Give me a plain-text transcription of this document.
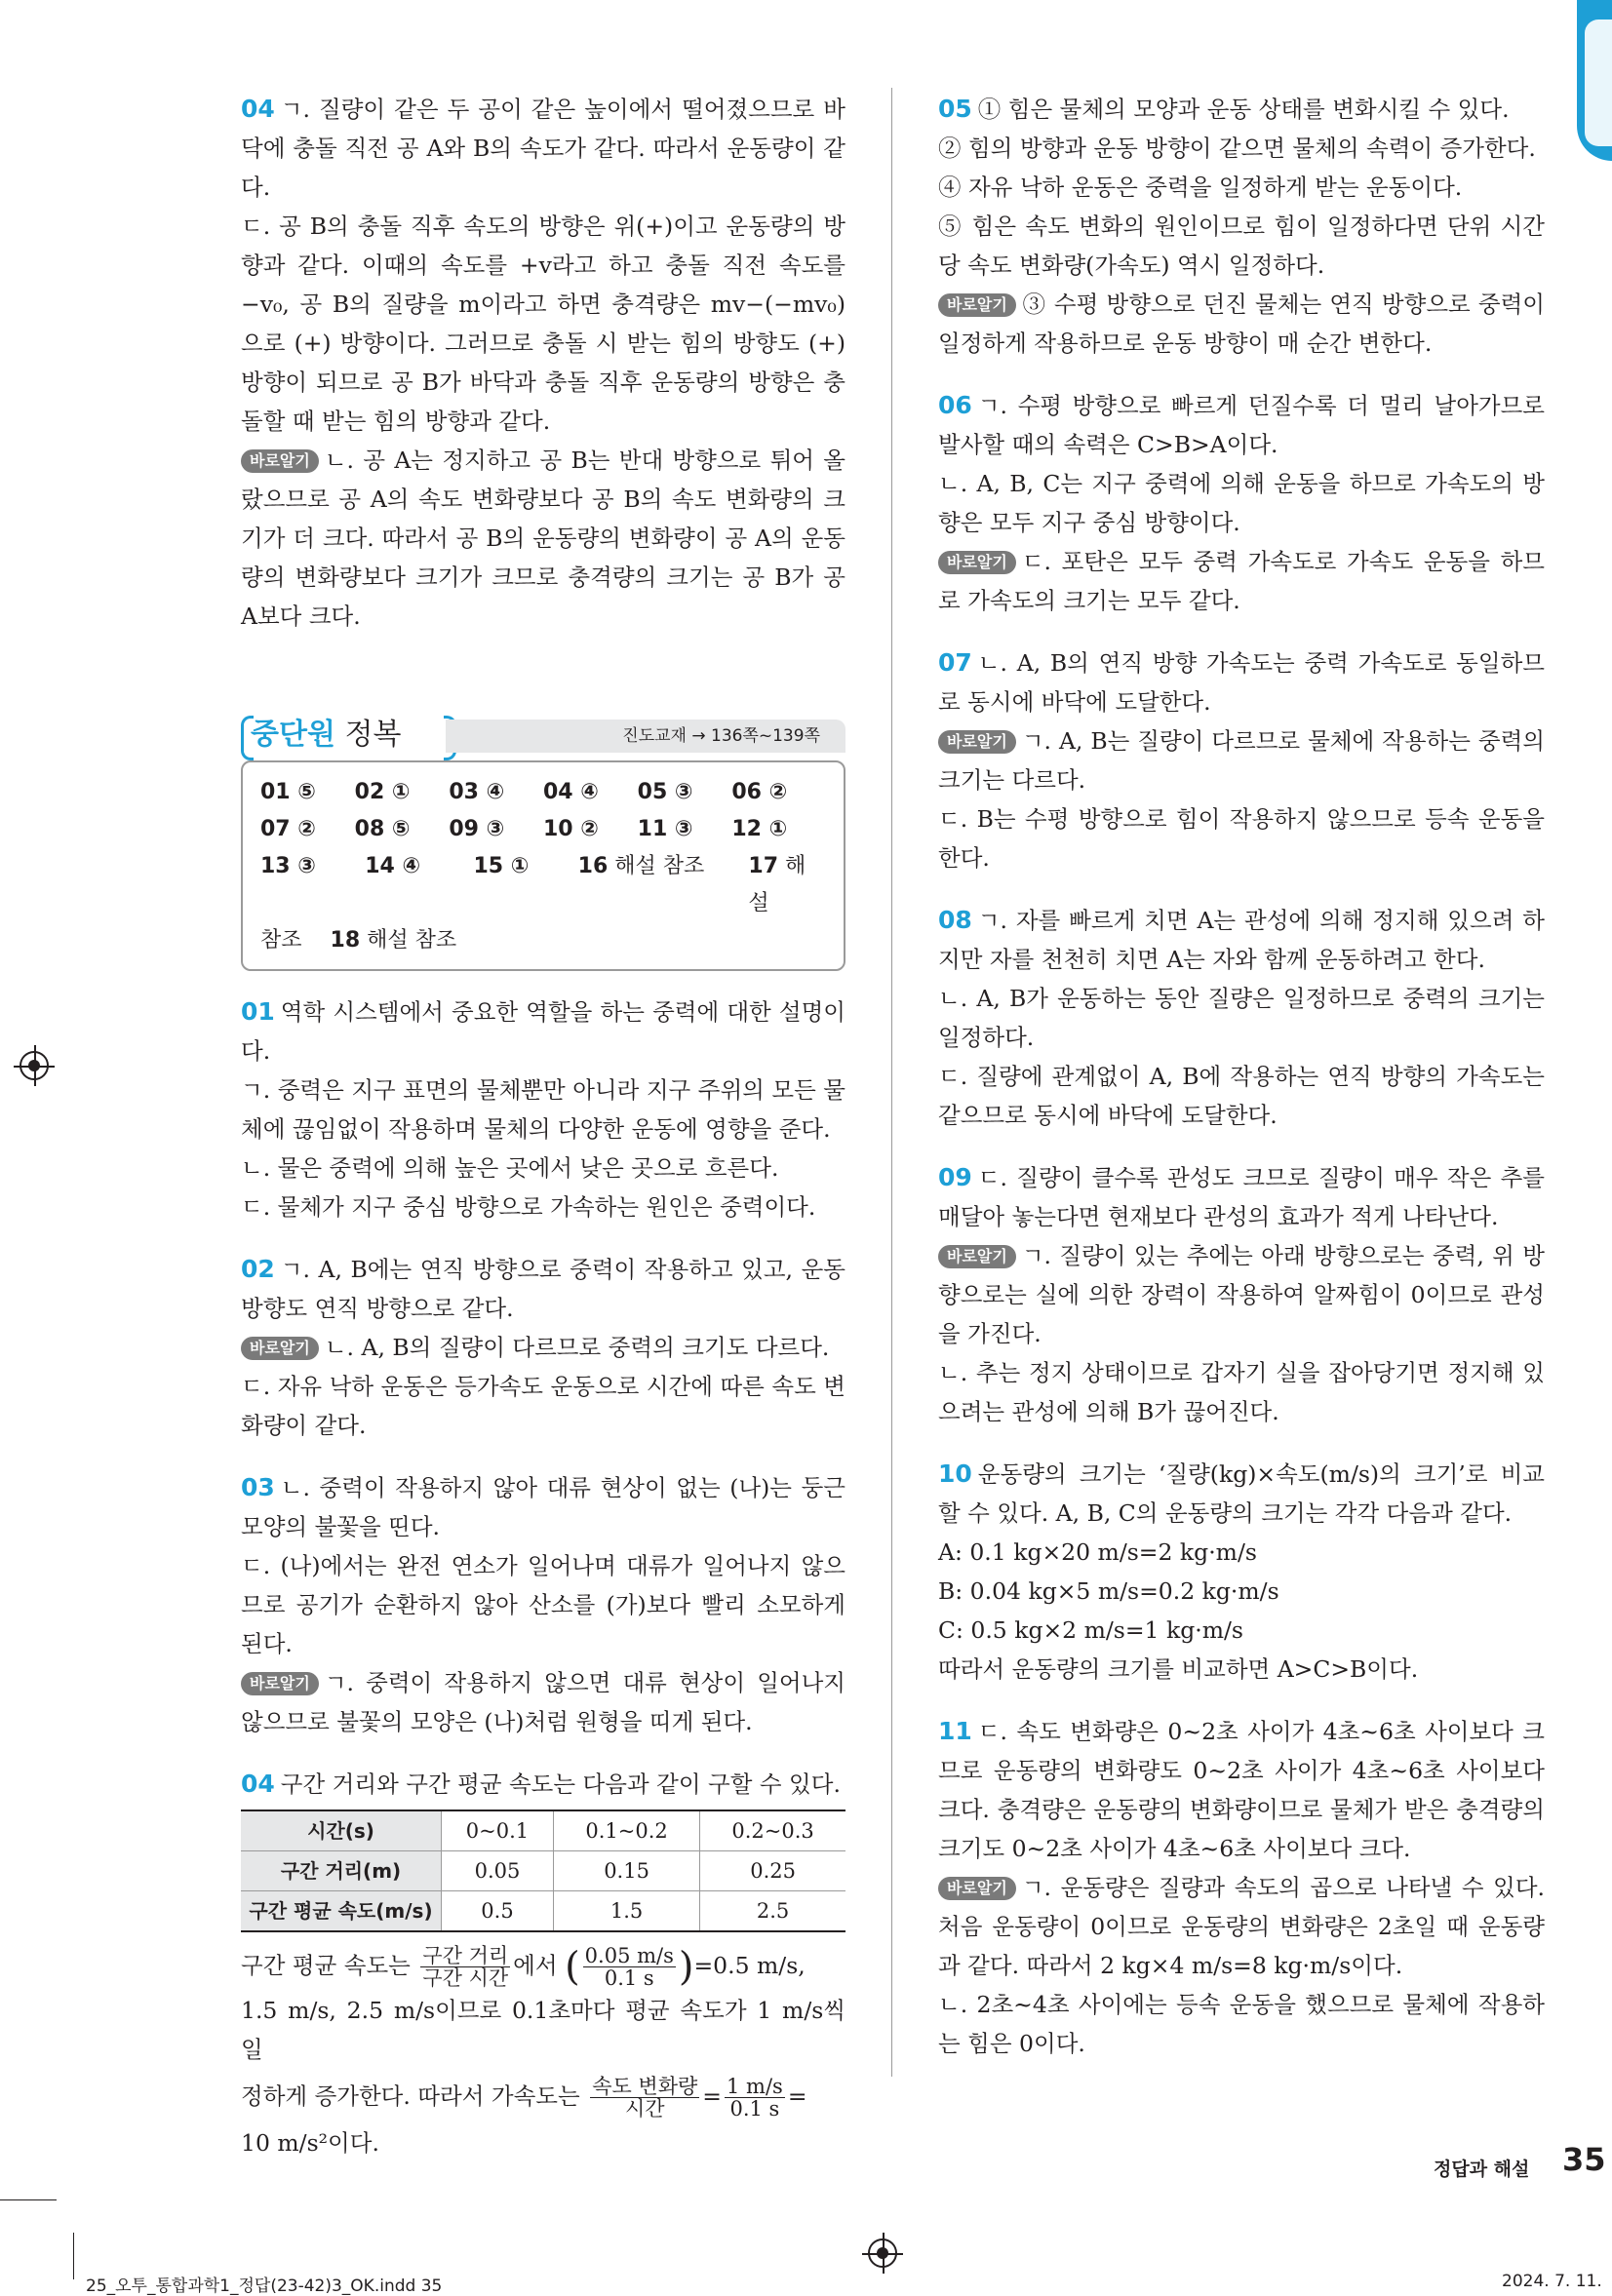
04 ㄱ. 질량이 같은 두 공이 같은 높이에서 떨어졌으므로 바닥에 충돌 직전 공 A와 B의 속도가 같다. 따라서 운동량이 같다.

ㄷ. 공 B의 충돌 직후 속도의 방향은 위(+)이고 운동량의 방향과 같다. 이때의 속도를 +v라고 하고 충돌 직전 속도를 −v₀, 공 B의 질량을 m이라고 하면 충격량은 mv−(−mv₀)으로 (+) 방향이다. 그러므로 충돌 시 받는 힘의 방향도 (+)방향이 되므로 공 B가 바닥과 충돌 직후 운동량의 방향은 충돌할 때 받는 힘의 방향과 같다.

바로알기 ㄴ. 공 A는 정지하고 공 B는 반대 방향으로 튀어 올랐으므로 공 A의 속도 변화량보다 공 B의 속도 변화량의 크기가 더 크다. 따라서 공 B의 운동량의 변화량이 공 A의 운동량의 변화량보다 크기가 크므로 충격량의 크기는 공 B가 공 A보다 크다.

중단원 정복	진도교재 → 136쪽~139쪽
01 ⑤	02 ①	03 ④	04 ④	05 ③	06 ②
07 ②	08 ⑤	09 ③	10 ②	11 ③	12 ①
13 ③	14 ④	15 ①	16 해설 참조	17 해설
참조 18 해설 참조

01 역학 시스템에서 중요한 역할을 하는 중력에 대한 설명이다.

ㄱ. 중력은 지구 표면의 물체뿐만 아니라 지구 주위의 모든 물체에 끊임없이 작용하며 물체의 다양한 운동에 영향을 준다.

ㄴ. 물은 중력에 의해 높은 곳에서 낮은 곳으로 흐른다.

ㄷ. 물체가 지구 중심 방향으로 가속하는 원인은 중력이다.

02 ㄱ. A, B에는 연직 방향으로 중력이 작용하고 있고, 운동 방향도 연직 방향으로 같다.

바로알기 ㄴ. A, B의 질량이 다르므로 중력의 크기도 다르다.

ㄷ. 자유 낙하 운동은 등가속도 운동으로 시간에 따른 속도 변화량이 같다.

03 ㄴ. 중력이 작용하지 않아 대류 현상이 없는 (나)는 둥근 모양의 불꽃을 띤다.

ㄷ. (나)에서는 완전 연소가 일어나며 대류가 일어나지 않으므로 공기가 순환하지 않아 산소를 (가)보다 빨리 소모하게 된다.

바로알기 ㄱ. 중력이 작용하지 않으면 대류 현상이 일어나지 않으므로 불꽃의 모양은 (나)처럼 원형을 띠게 된다.

04 구간 거리와 구간 평균 속도는 다음과 같이 구할 수 있다.

시간(s)	0~0.1	0.1~0.2	0.2~0.3
구간 거리(m)	0.05	0.15	0.25
구간 평균 속도(m/s)	0.5	1.5	2.5

구간 평균 속도는 $\frac{\text{구간 거리}}{\text{구간 시간}}$ 에서 ( $\frac{0.05 m/s}{0.1 s} )=0.5$ m/s,

1.5 m/s, 2.5 m/s이므로 0.1초마다 평균 속도가 1 m/s씩 일

정하게 증가한다. 따라서 가속도는 $\frac{\text{속도 변화량}}{\text{시간}} = \frac{1 m/s}{0.1 s}$ =

10 m/s²이다.

05 ① 힘은 물체의 모양과 운동 상태를 변화시킬 수 있다.

② 힘의 방향과 운동 방향이 같으면 물체의 속력이 증가한다.

④ 자유 낙하 운동은 중력을 일정하게 받는 운동이다.

⑤ 힘은 속도 변화의 원인이므로 힘이 일정하다면 단위 시간당 속도 변화량(가속도) 역시 일정하다.

바로알기 ③ 수평 방향으로 던진 물체는 연직 방향으로 중력이 일정하게 작용하므로 운동 방향이 매 순간 변한다.

06 ㄱ. 수평 방향으로 빠르게 던질수록 더 멀리 날아가므로 발사할 때의 속력은 C>B>A이다.

ㄴ. A, B, C는 지구 중력에 의해 운동을 하므로 가속도의 방향은 모두 지구 중심 방향이다.

바로알기 ㄷ. 포탄은 모두 중력 가속도로 가속도 운동을 하므로 가속도의 크기는 모두 같다.

07 ㄴ. A, B의 연직 방향 가속도는 중력 가속도로 동일하므로 동시에 바닥에 도달한다.

바로알기 ㄱ. A, B는 질량이 다르므로 물체에 작용하는 중력의 크기는 다르다.

ㄷ. B는 수평 방향으로 힘이 작용하지 않으므로 등속 운동을 한다.

08 ㄱ. 자를 빠르게 치면 A는 관성에 의해 정지해 있으려 하지만 자를 천천히 치면 A는 자와 함께 운동하려고 한다.

ㄴ. A, B가 운동하는 동안 질량은 일정하므로 중력의 크기는 일정하다.

ㄷ. 질량에 관계없이 A, B에 작용하는 연직 방향의 가속도는 같으므로 동시에 바닥에 도달한다.

09 ㄷ. 질량이 클수록 관성도 크므로 질량이 매우 작은 추를 매달아 놓는다면 현재보다 관성의 효과가 적게 나타난다.

바로알기 ㄱ. 질량이 있는 추에는 아래 방향으로는 중력, 위 방향으로는 실에 의한 장력이 작용하여 알짜힘이 0이므로 관성을 가진다.

ㄴ. 추는 정지 상태이므로 갑자기 실을 잡아당기면 정지해 있으려는 관성에 의해 B가 끊어진다.

10 운동량의 크기는 ‘질량(kg)×속도(m/s)의 크기’로 비교할 수 있다. A, B, C의 운동량의 크기는 각각 다음과 같다.

A: 0.1 kg×20 m/s=2 kg·m/s

B: 0.04 kg×5 m/s=0.2 kg·m/s

C: 0.5 kg×2 m/s=1 kg·m/s

따라서 운동량의 크기를 비교하면 A>C>B이다.

11 ㄷ. 속도 변화량은 0~2초 사이가 4초~6초 사이보다 크므로 운동량의 변화량도 0~2초 사이가 4초~6초 사이보다 크다. 충격량은 운동량의 변화량이므로 물체가 받은 충격량의 크기도 0~2초 사이가 4초~6초 사이보다 크다.

바로알기 ㄱ. 운동량은 질량과 속도의 곱으로 나타낼 수 있다. 처음 운동량이 0이므로 운동량의 변화량은 2초일 때 운동량과 같다. 따라서 2 kg×4 m/s=8 kg·m/s이다.

ㄴ. 2초~4초 사이에는 등속 운동을 했으므로 물체에 작용하는 힘은 0이다.

정답과 해설 35
25_오투_통합과학1_정답(23-42)3_OK.indd 35	2024. 7. 11.
